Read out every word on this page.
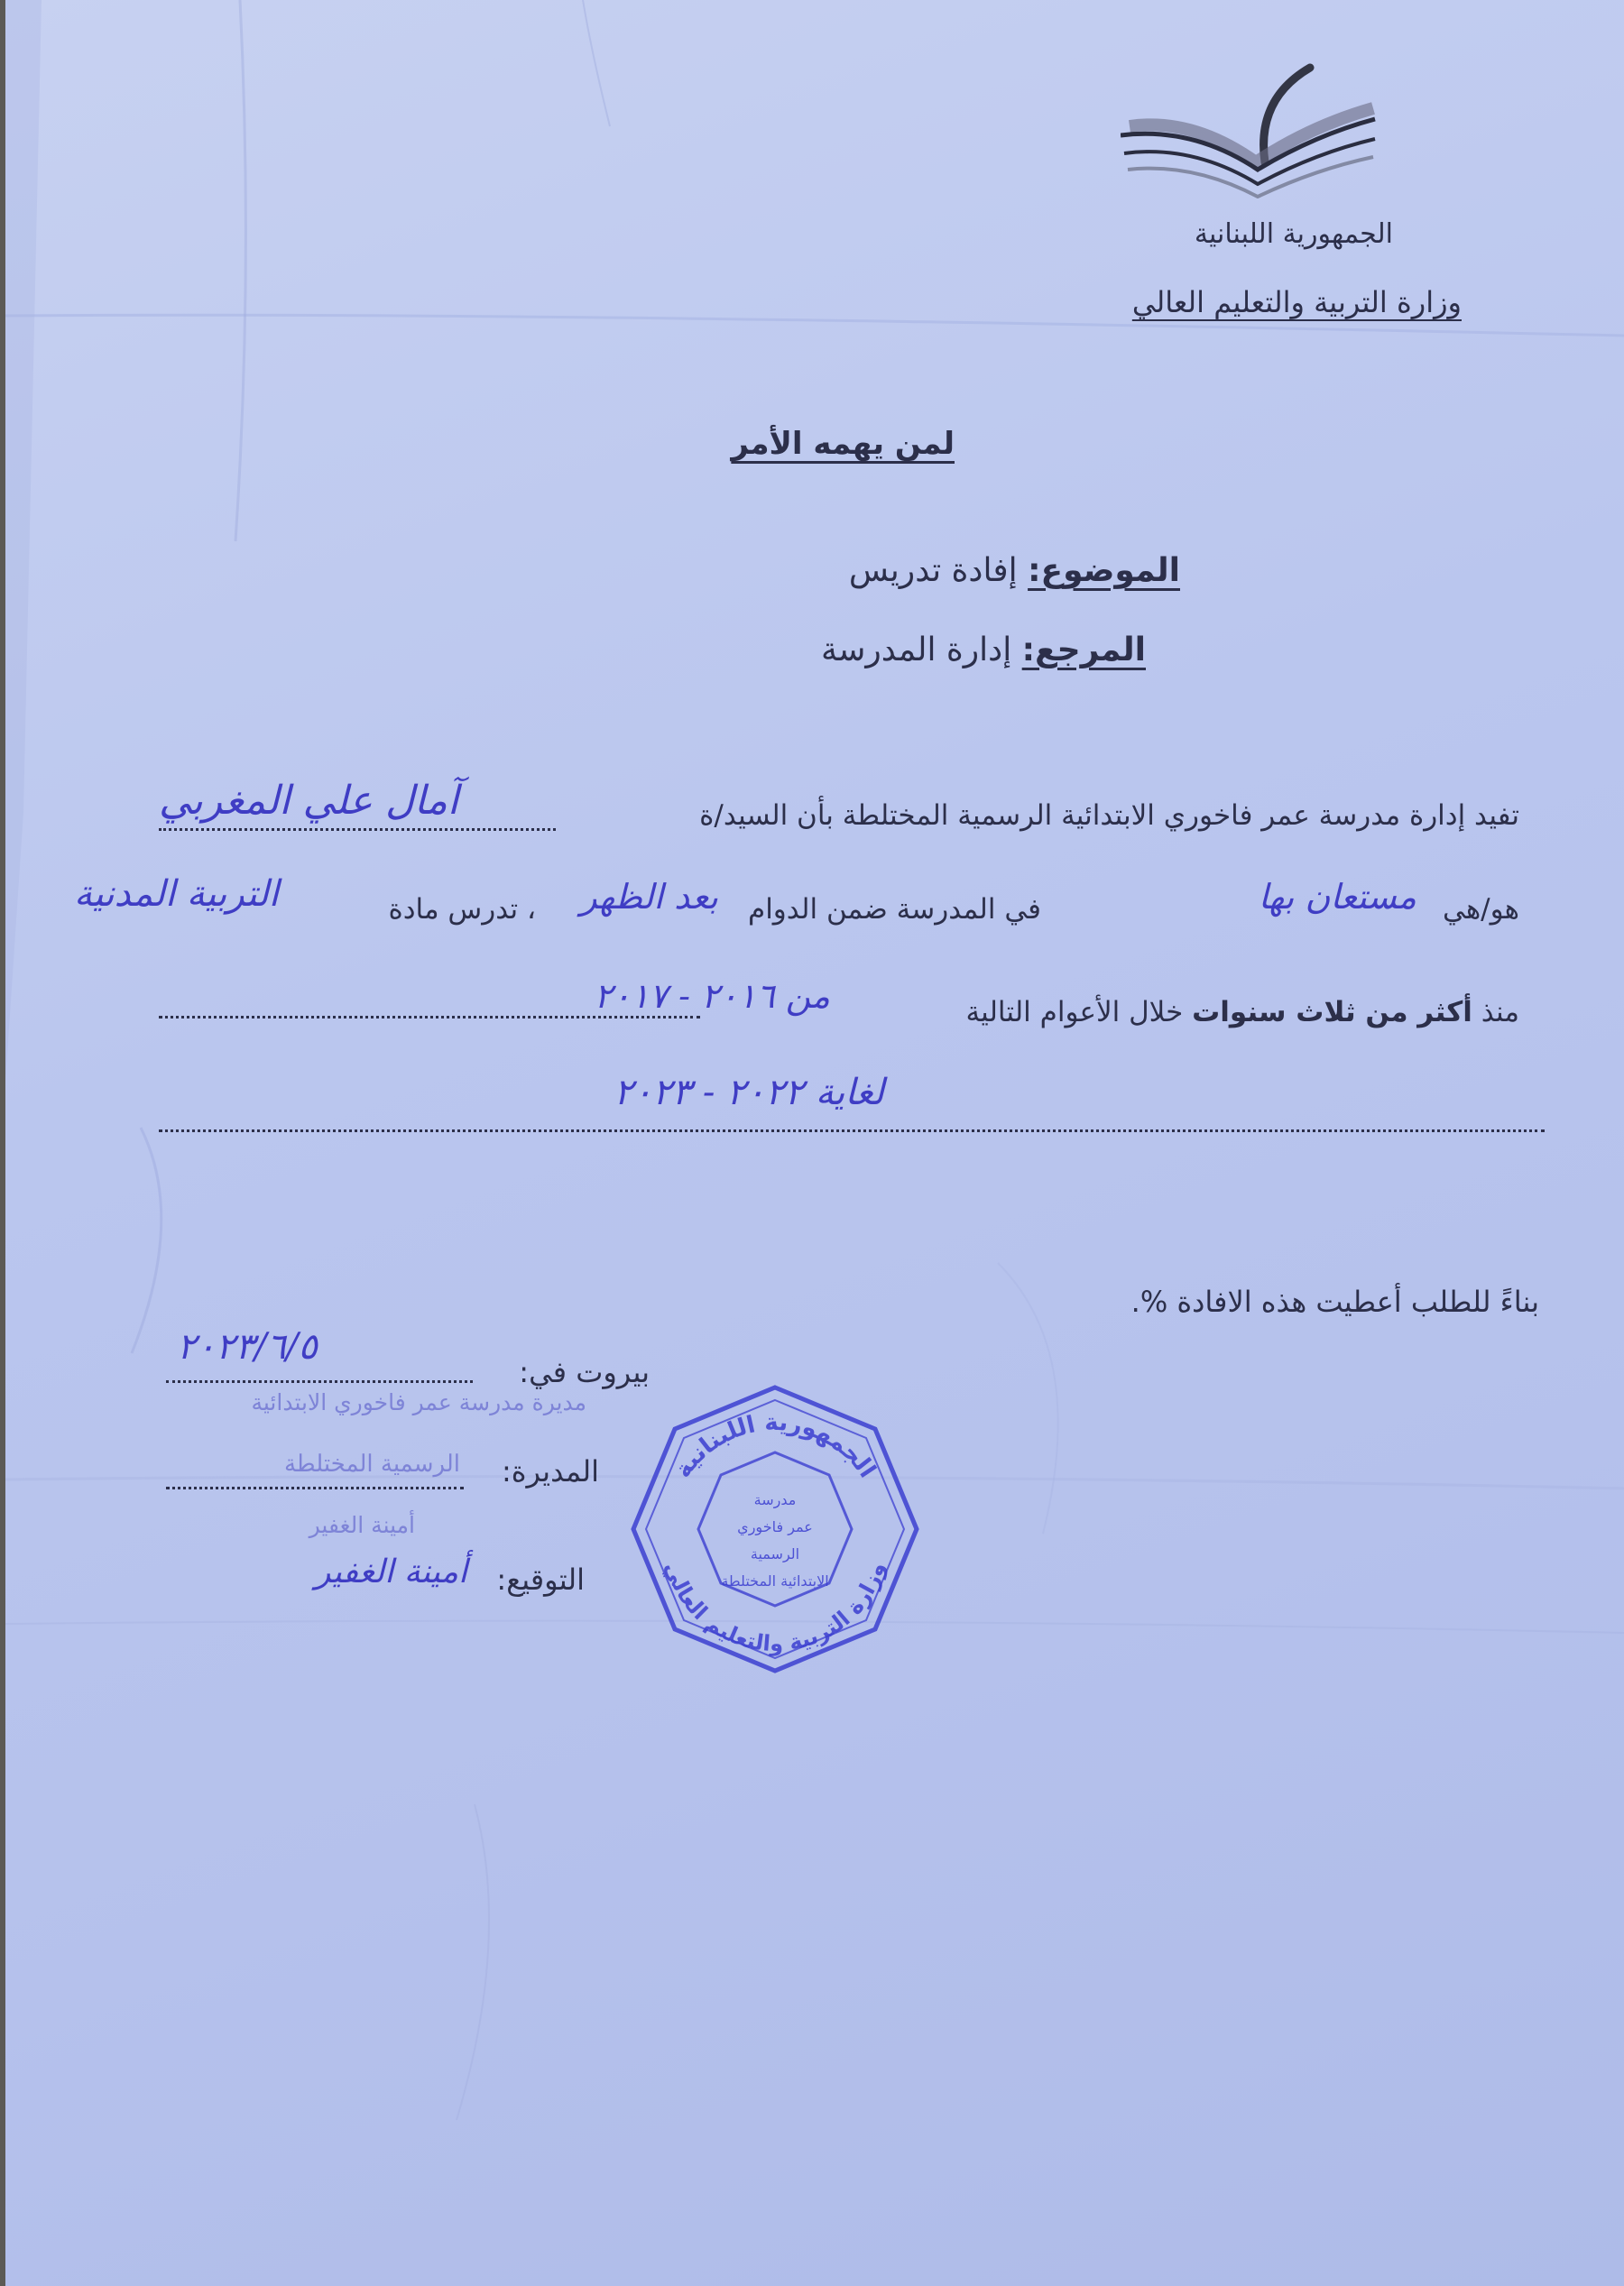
الجمهورية اللبنانية
وزارة التربية والتعليم العالي
لمن يهمه الأمر
الموضوع: إفادة تدريس
المرجع: إدارة المدرسة
تفيد إدارة مدرسة عمر فاخوري الابتدائية الرسمية المختلطة بأن السيد/ة
آمال علي المغربي
هو/هي
مستعان بها
في المدرسة ضمن الدوام
بعد الظهر
، تدرس مادة
التربية المدنية
منذ أكثر من ثلاث سنوات خلال الأعوام التالية
من ٢٠١٦ - ٢٠١٧
لغاية ٢٠٢٢ - ٢٠٢٣
بناءً للطلب أعطيت هذه الافادة %.
بيروت في:
٢٠٢٣/٦/٥
مديرة مدرسة عمر فاخوري الابتدائية
المديرة:
الرسمية المختلطة
أمينة الغفير
التوقيع:
أمينة الغفير
الجمهورية اللبنانية
وزارة التربية والتعليم العالي
مدرسة
عمر فاخوري الرسمية
الابتدائية المختلطة
